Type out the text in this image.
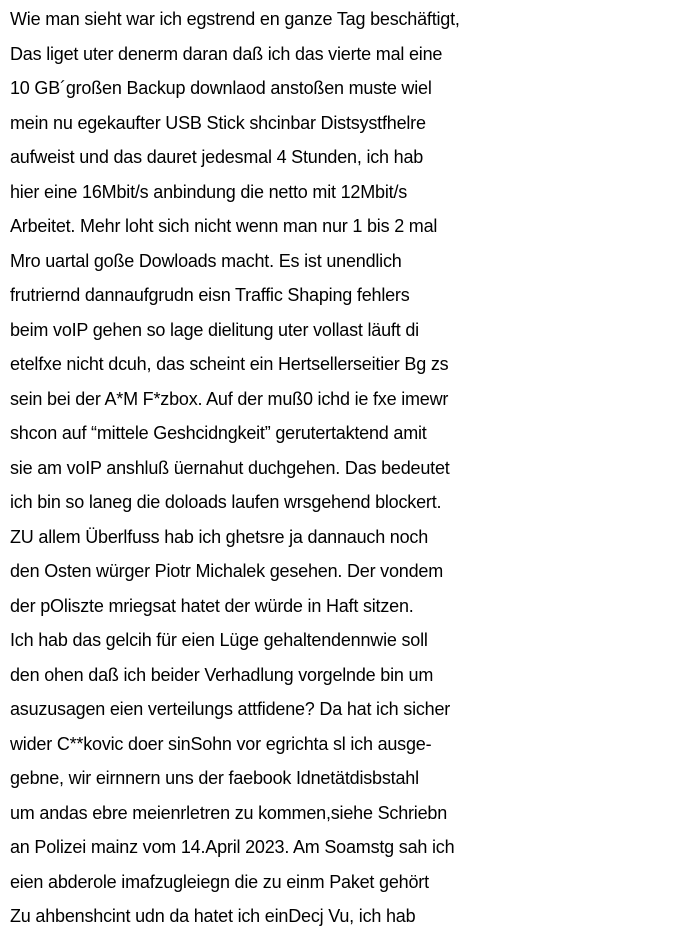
Wie man sieht war ich egstrend en ganze Tag beschäftigt,
Das liget uter denerm daran daß ich das vierte mal eine
10 GB´großen Backup downlaod anstoßen muste wiel
mein nu egekaufter USB Stick shcinbar Distsystfhelre
aufweist und das dauret jedesmal 4 Stunden, ich hab
hier eine 16Mbit/s anbindung die netto mit 12Mbit/s
Arbeitet. Mehr loht sich nicht wenn man nur 1 bis 2 mal
Mro uartal goße Dowloads macht. Es ist unendlich
frutriernd dannaufgrudn eisn Traffic Shaping fehlers
beim voIP gehen so lage dielitung uter vollast läuft di
etelfxe nicht dcuh, das scheint ein Hertsellerseitier Bg zs
sein bei der A*M F*zbox. Auf der muß0 ichd ie fxe imewr
shcon auf “mittele Geshcidngkeit” gerutertaktend amit
sie am voIP anshluß üernahut duchgehen. Das bedeutet
ich bin so laneg die doloads laufen wrsgehend blockert.
ZU allem Überlfuss hab ich ghetsre ja dannauch noch
den Osten würger Piotr Michalek gesehen. Der vondem
der pOliszte mriegsat hatet der würde in Haft sitzen.
Ich hab das gelcih für eien Lüge gehaltendennwie soll
den ohen daß ich beider Verhadlung vorgelnde bin um
asuzusagen eien verteilungs attfidene? Da hat ich sicher
wider C**kovic doer sinSohn vor egrichta sl ich ausge-
gebne, wir eirnnern uns der faebook Idnetätdisbstahl
um andas ebre meienrletren zu kommen,siehe Schriebn
an Polizei mainz vom 14.April 2023. Am Soamstg sah ich
eien abderole imafzugleiegn die zu einm Paket gehört
Zu ahbenshcint udn da hatet ich einDecj Vu, ich hab
